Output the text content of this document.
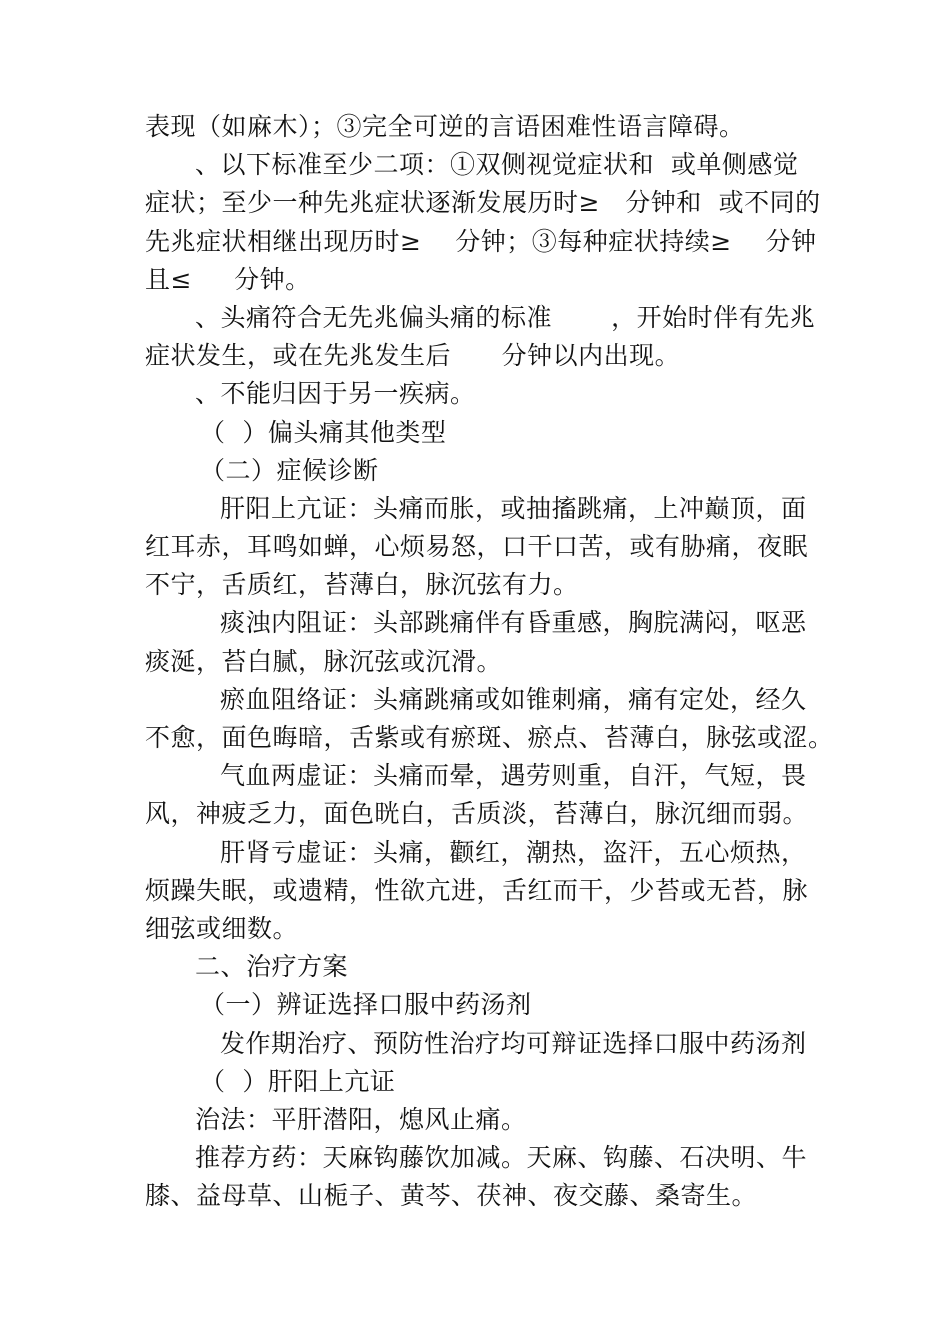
表现（如麻木）；③完全可逆的言语困难性语言障碍。
、以下标准至少二项：①双侧视觉症状和  或单侧感觉
症状；至少一种先兆症状逐渐发展历时≥   分钟和  或不同的
先兆症状相继出现历时≥    分钟；③每种症状持续≥    分钟
且≤     分钟。
、头痛符合无先兆偏头痛的标准       ，开始时伴有先兆
症状发生，或在先兆发生后      分钟以内出现。
、不能归因于另一疾病。
（  ）偏头痛其他类型
（二）症候诊断
肝阳上亢证：头痛而胀，或抽搐跳痛，上冲巅顶，面
红耳赤，耳鸣如蝉，心烦易怒，口干口苦，或有胁痛，夜眠
不宁，舌质红，苔薄白，脉沉弦有力。
痰浊内阻证：头部跳痛伴有昏重感，胸脘满闷，呕恶
痰涎，苔白腻，脉沉弦或沉滑。
瘀血阻络证：头痛跳痛或如锥刺痛，痛有定处，经久
不愈，面色晦暗，舌紫或有瘀斑、瘀点、苔薄白，脉弦或涩。
气血两虚证：头痛而晕，遇劳则重，自汗，气短，畏
风，神疲乏力，面色晄白，舌质淡，苔薄白，脉沉细而弱。
肝肾亏虚证：头痛，颧红，潮热，盗汗，五心烦热，
烦躁失眠，或遗精，性欲亢进，舌红而干，少苔或无苔，脉
细弦或细数。
二、治疗方案
（一）辨证选择口服中药汤剂
发作期治疗、预防性治疗均可辩证选择口服中药汤剂
（  ）肝阳上亢证
治法：平肝潜阳，熄风止痛。
推荐方药：天麻钩藤饮加减。天麻、钩藤、石决明、牛
膝、益母草、山栀子、黄芩、茯神、夜交藤、桑寄生。
